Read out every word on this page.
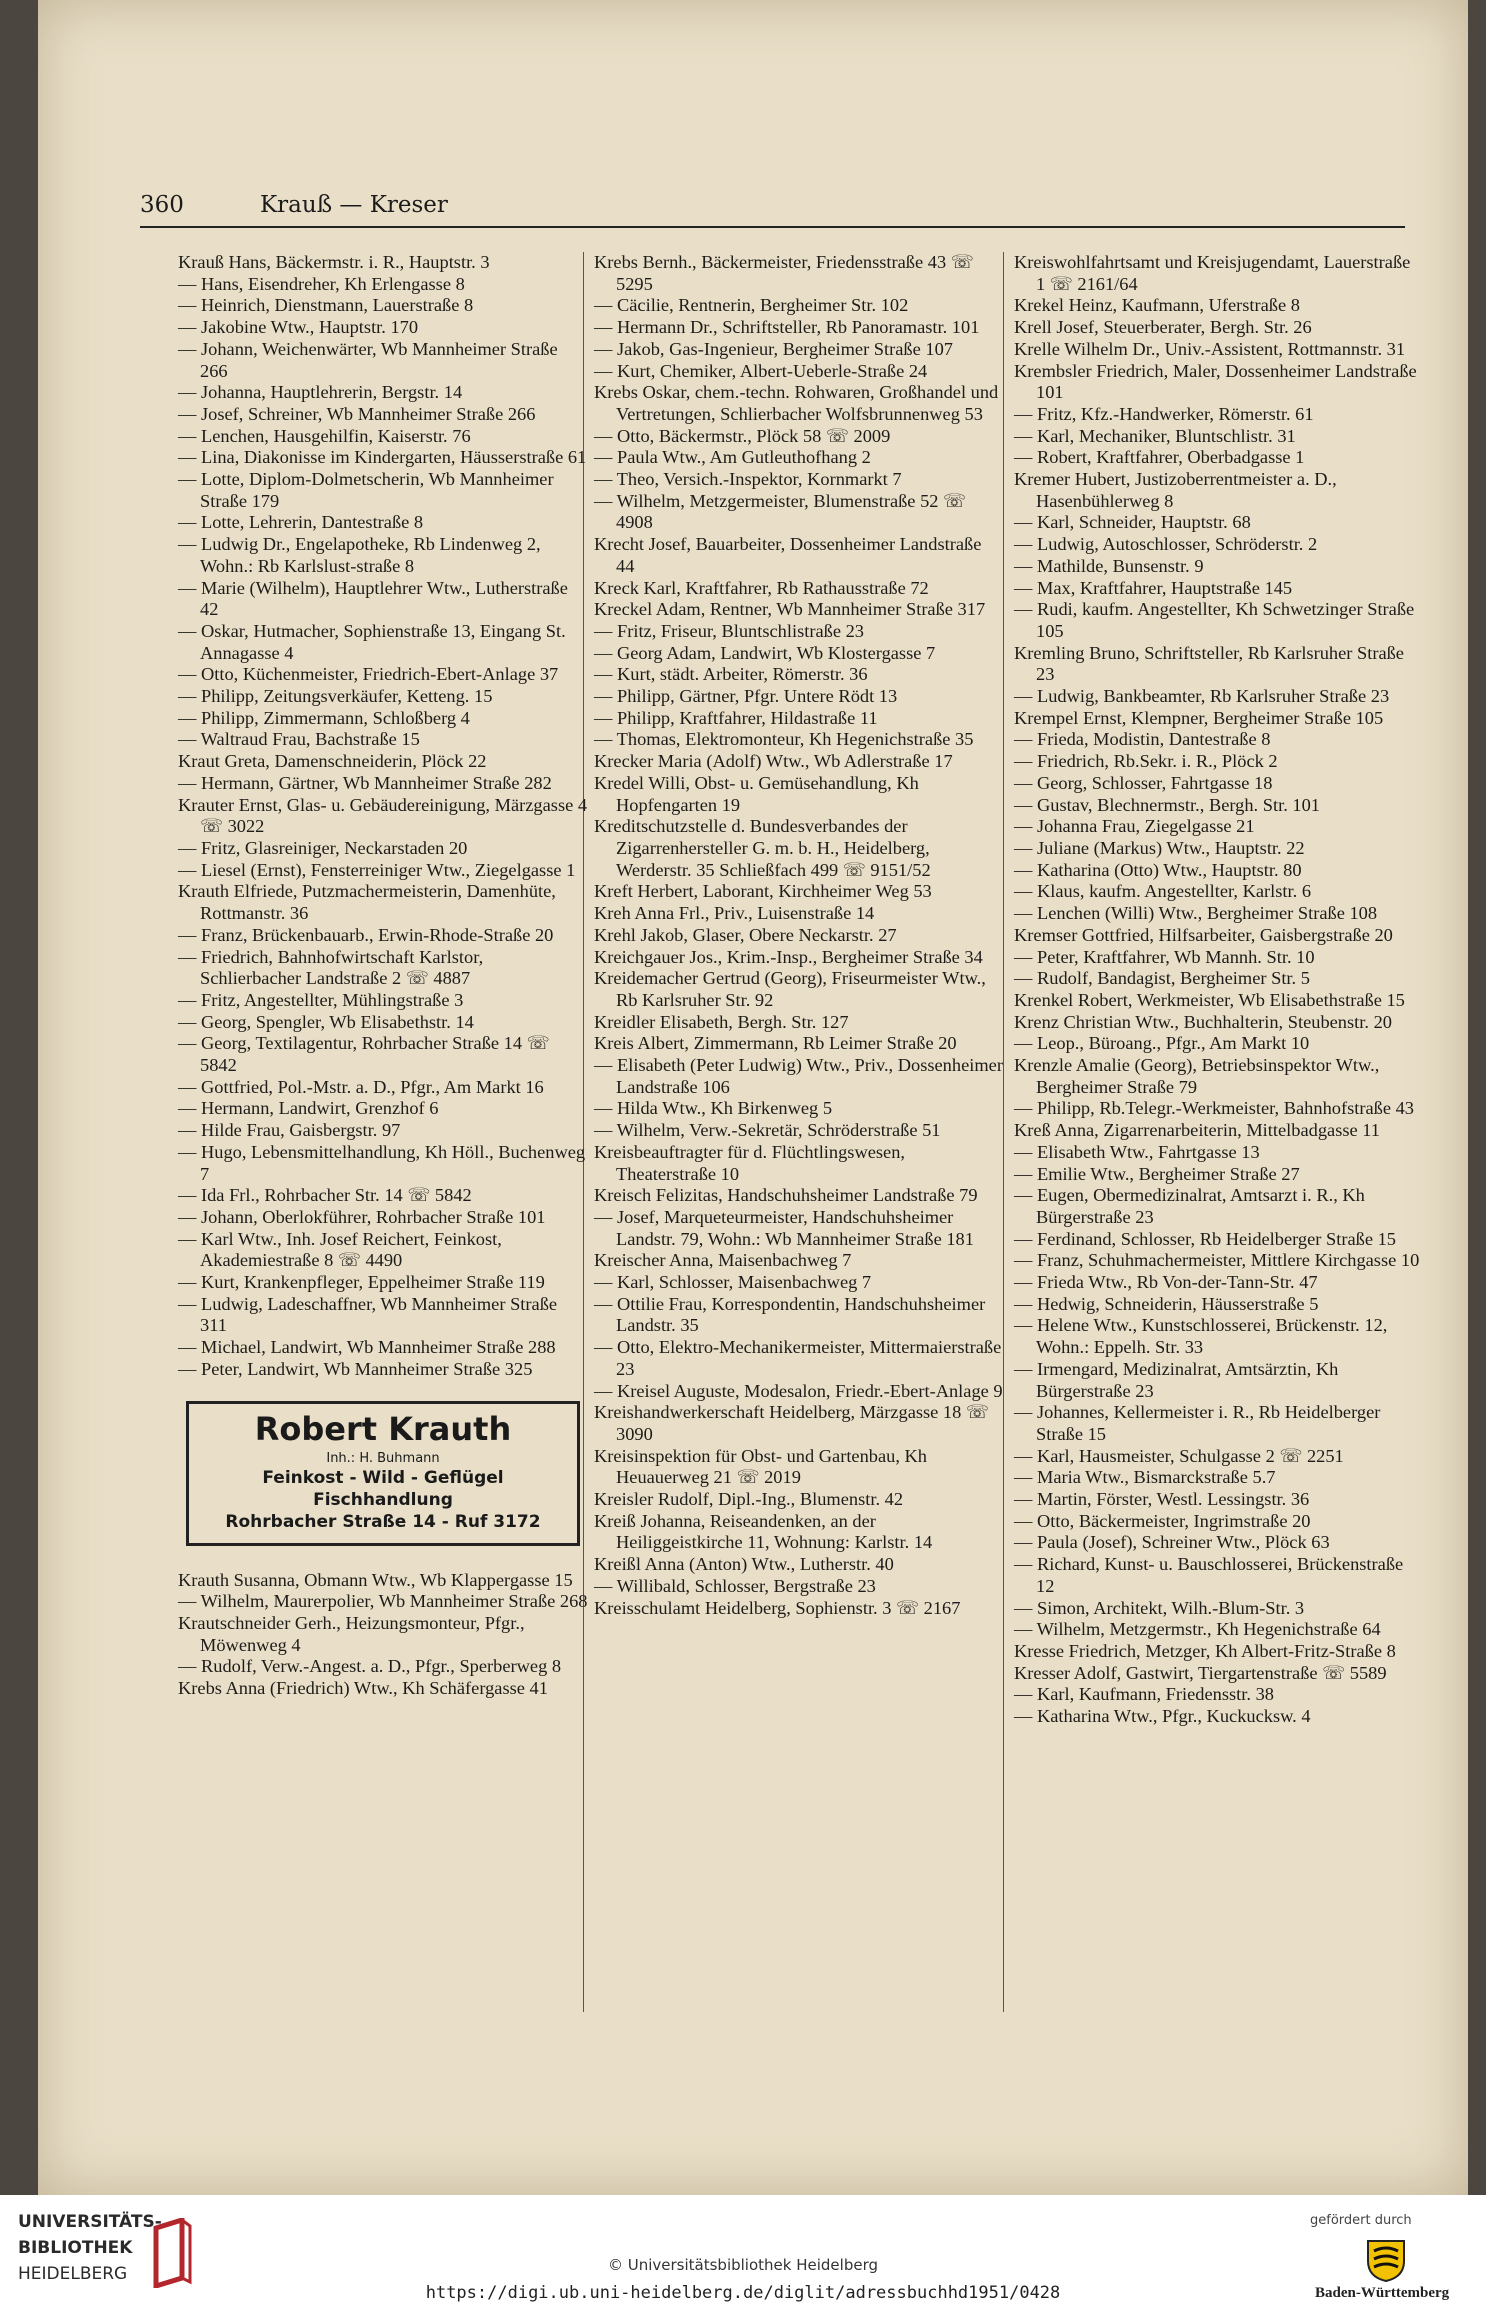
360	Krauß — Kreser
Krauß Hans, Bäckermstr. i. R., Hauptstr. 3
— Hans, Eisendreher, Kh Erlengasse 8
— Heinrich, Dienstmann, Lauerstraße 8
— Jakobine Wtw., Hauptstr. 170
— Johann, Weichenwärter, Wb Mannheimer Straße 266
— Johanna, Hauptlehrerin, Bergstr. 14
— Josef, Schreiner, Wb Mannheimer Straße 266
— Lenchen, Hausgehilfin, Kaiserstr. 76
— Lina, Diakonisse im Kindergarten, Häusserstraße 61
— Lotte, Diplom-Dolmetscherin, Wb Mannheimer Straße 179
— Lotte, Lehrerin, Dantestraße 8
— Ludwig Dr., Engelapotheke, Rb Lindenweg 2, Wohn.: Rb Karlslust-straße 8
— Marie (Wilhelm), Hauptlehrer Wtw., Lutherstraße 42
— Oskar, Hutmacher, Sophienstraße 13, Eingang St. Annagasse 4
— Otto, Küchenmeister, Friedrich-Ebert-Anlage 37
— Philipp, Zeitungsverkäufer, Ketteng. 15
— Philipp, Zimmermann, Schloßberg 4
— Waltraud Frau, Bachstraße 15
Kraut Greta, Damenschneiderin, Plöck 22
— Hermann, Gärtner, Wb Mannheimer Straße 282
Krauter Ernst, Glas- u. Gebäudereinigung, Märzgasse 4 ☏ 3022
— Fritz, Glasreiniger, Neckarstaden 20
— Liesel (Ernst), Fensterreiniger Wtw., Ziegelgasse 1
Krauth Elfriede, Putzmachermeisterin, Damenhüte, Rottmanstr. 36
— Franz, Brückenbauarb., Erwin-Rhode-Straße 20
— Friedrich, Bahnhofwirtschaft Karlstor, Schlierbacher Landstraße 2 ☏ 4887
— Fritz, Angestellter, Mühlingstraße 3
— Georg, Spengler, Wb Elisabethstr. 14
— Georg, Textilagentur, Rohrbacher Straße 14 ☏ 5842
— Gottfried, Pol.-Mstr. a. D., Pfgr., Am Markt 16
— Hermann, Landwirt, Grenzhof 6
— Hilde Frau, Gaisbergstr. 97
— Hugo, Lebensmittelhandlung, Kh Höll., Buchenweg 7
— Ida Frl., Rohrbacher Str. 14 ☏ 5842
— Johann, Oberlokführer, Rohrbacher Straße 101
— Karl Wtw., Inh. Josef Reichert, Feinkost, Akademiestraße 8 ☏ 4490
— Kurt, Krankenpfleger, Eppelheimer Straße 119
— Ludwig, Ladeschaffner, Wb Mannheimer Straße 311
— Michael, Landwirt, Wb Mannheimer Straße 288
— Peter, Landwirt, Wb Mannheimer Straße 325
Robert Krauth
Inh.: H. Buhmann
Feinkost - Wild - Geflügel
Fischhandlung
Rohrbacher Straße 14 - Ruf 3172
Krauth Susanna, Obmann Wtw., Wb Klappergasse 15
— Wilhelm, Maurerpolier, Wb Mannheimer Straße 268
Krautschneider Gerh., Heizungsmonteur, Pfgr., Möwenweg 4
— Rudolf, Verw.-Angest. a. D., Pfgr., Sperberweg 8
Krebs Anna (Friedrich) Wtw., Kh Schäfergasse 41
Krebs Bernh., Bäckermeister, Friedensstraße 43 ☏ 5295
— Cäcilie, Rentnerin, Bergheimer Str. 102
— Hermann Dr., Schriftsteller, Rb Panoramastr. 101
— Jakob, Gas-Ingenieur, Bergheimer Straße 107
— Kurt, Chemiker, Albert-Ueberle-Straße 24
Krebs Oskar, chem.-techn. Rohwaren, Großhandel und Vertretungen, Schlierbacher Wolfsbrunnenweg 53
— Otto, Bäckermstr., Plöck 58 ☏ 2009
— Paula Wtw., Am Gutleuthofhang 2
— Theo, Versich.-Inspektor, Kornmarkt 7
— Wilhelm, Metzgermeister, Blumenstraße 52 ☏ 4908
Krecht Josef, Bauarbeiter, Dossenheimer Landstraße 44
Kreck Karl, Kraftfahrer, Rb Rathausstraße 72
Kreckel Adam, Rentner, Wb Mannheimer Straße 317
— Fritz, Friseur, Bluntschlistraße 23
— Georg Adam, Landwirt, Wb Klostergasse 7
— Kurt, städt. Arbeiter, Römerstr. 36
— Philipp, Gärtner, Pfgr. Untere Rödt 13
— Philipp, Kraftfahrer, Hildastraße 11
— Thomas, Elektromonteur, Kh Hegenichstraße 35
Krecker Maria (Adolf) Wtw., Wb Adlerstraße 17
Kredel Willi, Obst- u. Gemüsehandlung, Kh Hopfengarten 19
Kreditschutzstelle d. Bundesverbandes der Zigarrenhersteller G. m. b. H., Heidelberg, Werderstr. 35 Schließfach 499 ☏ 9151/52
Kreft Herbert, Laborant, Kirchheimer Weg 53
Kreh Anna Frl., Priv., Luisenstraße 14
Krehl Jakob, Glaser, Obere Neckarstr. 27
Kreichgauer Jos., Krim.-Insp., Bergheimer Straße 34
Kreidemacher Gertrud (Georg), Friseurmeister Wtw., Rb Karlsruher Str. 92
Kreidler Elisabeth, Bergh. Str. 127
Kreis Albert, Zimmermann, Rb Leimer Straße 20
— Elisabeth (Peter Ludwig) Wtw., Priv., Dossenheimer Landstraße 106
— Hilda Wtw., Kh Birkenweg 5
— Wilhelm, Verw.-Sekretär, Schröderstraße 51
Kreisbeauftragter für d. Flüchtlingswesen, Theaterstraße 10
Kreisch Felizitas, Handschuhsheimer Landstraße 79
— Josef, Marqueteurmeister, Handschuhsheimer Landstr. 79, Wohn.: Wb Mannheimer Straße 181
Kreischer Anna, Maisenbachweg 7
— Karl, Schlosser, Maisenbachweg 7
— Ottilie Frau, Korrespondentin, Handschuhsheimer Landstr. 35
— Otto, Elektro-Mechanikermeister, Mittermaierstraße 23
— Kreisel Auguste, Modesalon, Friedr.-Ebert-Anlage 9
Kreishandwerkerschaft Heidelberg, Märzgasse 18 ☏ 3090
Kreisinspektion für Obst- und Gartenbau, Kh Heuauerweg 21 ☏ 2019
Kreisler Rudolf, Dipl.-Ing., Blumenstr. 42
Kreiß Johanna, Reiseandenken, an der Heiliggeistkirche 11, Wohnung: Karlstr. 14
Kreißl Anna (Anton) Wtw., Lutherstr. 40
— Willibald, Schlosser, Bergstraße 23
Kreisschulamt Heidelberg, Sophienstr. 3 ☏ 2167
Kreiswohlfahrtsamt und Kreisjugendamt, Lauerstraße 1 ☏ 2161/64
Krekel Heinz, Kaufmann, Uferstraße 8
Krell Josef, Steuerberater, Bergh. Str. 26
Krelle Wilhelm Dr., Univ.-Assistent, Rottmannstr. 31
Krembsler Friedrich, Maler, Dossenheimer Landstraße 101
— Fritz, Kfz.-Handwerker, Römerstr. 61
— Karl, Mechaniker, Bluntschlistr. 31
— Robert, Kraftfahrer, Oberbadgasse 1
Kremer Hubert, Justizoberrentmeister a. D., Hasenbühlerweg 8
— Karl, Schneider, Hauptstr. 68
— Ludwig, Autoschlosser, Schröderstr. 2
— Mathilde, Bunsenstr. 9
— Max, Kraftfahrer, Hauptstraße 145
— Rudi, kaufm. Angestellter, Kh Schwetzinger Straße 105
Kremling Bruno, Schriftsteller, Rb Karlsruher Straße 23
— Ludwig, Bankbeamter, Rb Karlsruher Straße 23
Krempel Ernst, Klempner, Bergheimer Straße 105
— Frieda, Modistin, Dantestraße 8
— Friedrich, Rb.Sekr. i. R., Plöck 2
— Georg, Schlosser, Fahrtgasse 18
— Gustav, Blechnermstr., Bergh. Str. 101
— Johanna Frau, Ziegelgasse 21
— Juliane (Markus) Wtw., Hauptstr. 22
— Katharina (Otto) Wtw., Hauptstr. 80
— Klaus, kaufm. Angestellter, Karlstr. 6
— Lenchen (Willi) Wtw., Bergheimer Straße 108
Kremser Gottfried, Hilfsarbeiter, Gaisbergstraße 20
— Peter, Kraftfahrer, Wb Mannh. Str. 10
— Rudolf, Bandagist, Bergheimer Str. 5
Krenkel Robert, Werkmeister, Wb Elisabethstraße 15
Krenz Christian Wtw., Buchhalterin, Steubenstr. 20
— Leop., Büroang., Pfgr., Am Markt 10
Krenzle Amalie (Georg), Betriebsinspektor Wtw., Bergheimer Straße 79
— Philipp, Rb.Telegr.-Werkmeister, Bahnhofstraße 43
Kreß Anna, Zigarrenarbeiterin, Mittelbadgasse 11
— Elisabeth Wtw., Fahrtgasse 13
— Emilie Wtw., Bergheimer Straße 27
— Eugen, Obermedizinalrat, Amtsarzt i. R., Kh Bürgerstraße 23
— Ferdinand, Schlosser, Rb Heidelberger Straße 15
— Franz, Schuhmachermeister, Mittlere Kirchgasse 10
— Frieda Wtw., Rb Von-der-Tann-Str. 47
— Hedwig, Schneiderin, Häusserstraße 5
— Helene Wtw., Kunstschlosserei, Brückenstr. 12, Wohn.: Eppelh. Str. 33
— Irmengard, Medizinalrat, Amtsärztin, Kh Bürgerstraße 23
— Johannes, Kellermeister i. R., Rb Heidelberger Straße 15
— Karl, Hausmeister, Schulgasse 2 ☏ 2251
— Maria Wtw., Bismarckstraße 5.7
— Martin, Förster, Westl. Lessingstr. 36
— Otto, Bäckermeister, Ingrimstraße 20
— Paula (Josef), Schreiner Wtw., Plöck 63
— Richard, Kunst- u. Bauschlosserei, Brückenstraße 12
— Simon, Architekt, Wilh.-Blum-Str. 3
— Wilhelm, Metzgermstr., Kh Hegenichstraße 64
Kresse Friedrich, Metzger, Kh Albert-Fritz-Straße 8
Kresser Adolf, Gastwirt, Tiergartenstraße ☏ 5589
— Karl, Kaufmann, Friedensstr. 38
— Katharina Wtw., Pfgr., Kuckucksw. 4
UNIVERSITÄTS-
BIBLIOTHEK
HEIDELBERG	© Universitätsbibliothek Heidelberg
https://digi.ub.uni-heidelberg.de/diglit/adressbuchhd1951/0428
gefördert durch
Baden-Württemberg
